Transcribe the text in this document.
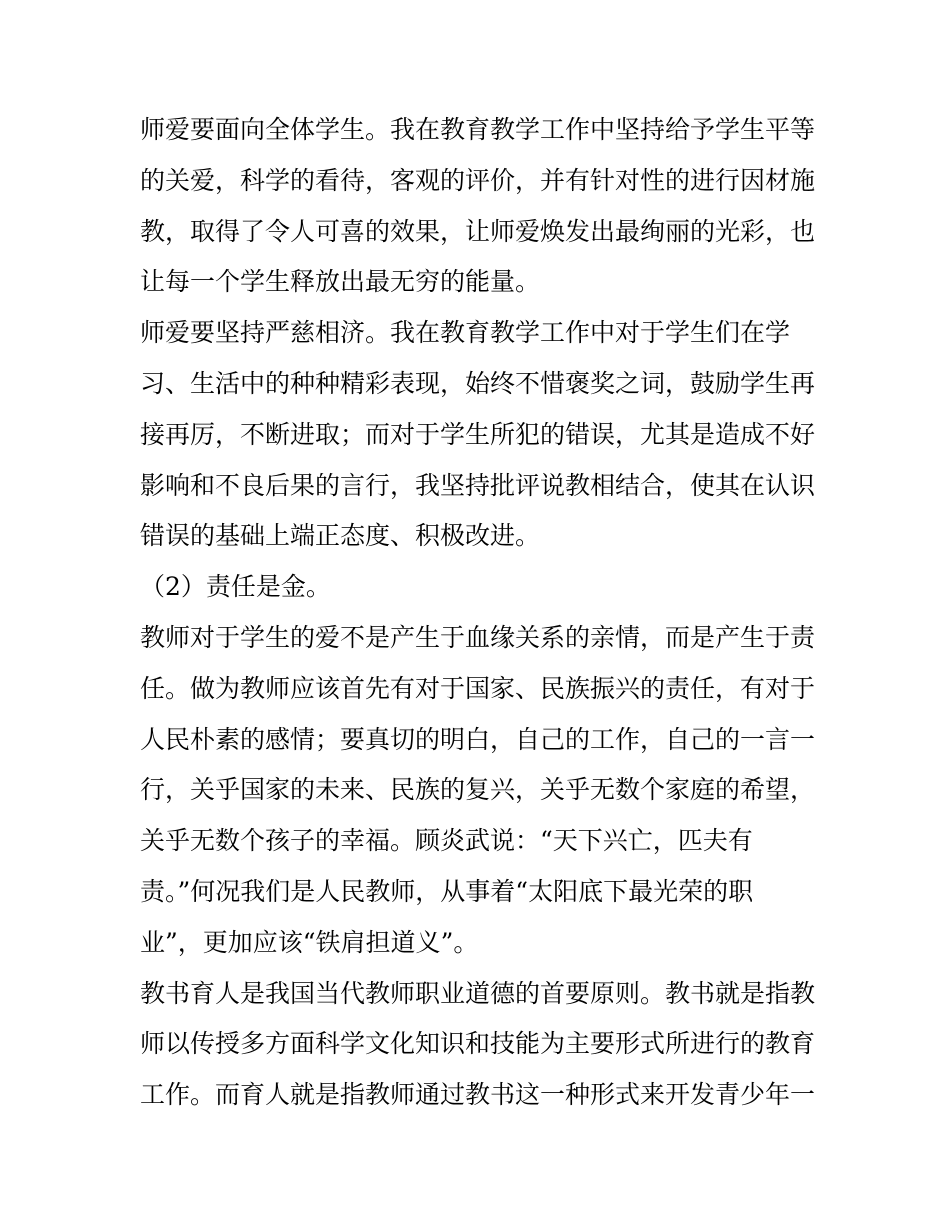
师爱要面向全体学生。我在教育教学工作中坚持给予学生平等
的关爱，科学的看待，客观的评价，并有针对性的进行因材施
教，取得了令人可喜的效果，让师爱焕发出最绚丽的光彩，也
让每一个学生释放出最无穷的能量。
师爱要坚持严慈相济。我在教育教学工作中对于学生们在学
习、生活中的种种精彩表现，始终不惜褒奖之词，鼓励学生再
接再厉，不断进取；而对于学生所犯的错误，尤其是造成不好
影响和不良后果的言行，我坚持批评说教相结合，使其在认识
错误的基础上端正态度、积极改进。
（2）责任是金。
教师对于学生的爱不是产生于血缘关系的亲情，而是产生于责
任。做为教师应该首先有对于国家、民族振兴的责任，有对于
人民朴素的感情；要真切的明白，自己的工作，自己的一言一
行，关乎国家的未来、民族的复兴，关乎无数个家庭的希望，
关乎无数个孩子的幸福。顾炎武说：“天下兴亡，匹夫有
责。”何况我们是人民教师，从事着“太阳底下最光荣的职
业”，更加应该“铁肩担道义”。
教书育人是我国当代教师职业道德的首要原则。教书就是指教
师以传授多方面科学文化知识和技能为主要形式所进行的教育
工作。而育人就是指教师通过教书这一种形式来开发青少年一
